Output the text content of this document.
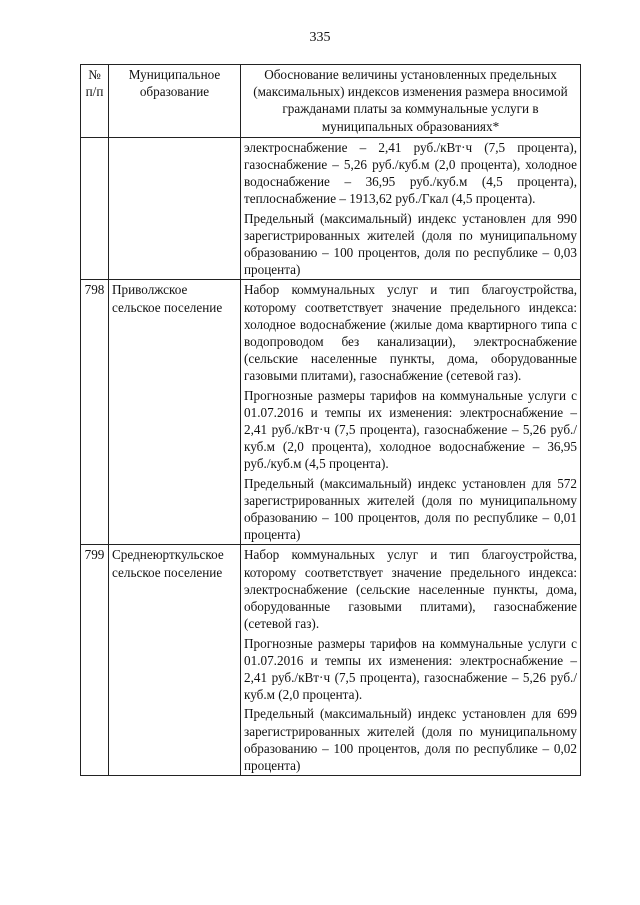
335
№ п/п	Муниципальное образование	Обоснование величины установленных предельных (максимальных) индексов изменения размера вносимой гражданами платы за коммунальные услуги в муниципальных образованиях*

		электроснабжение – 2,41 руб./кВт·ч (7,5 процента), газоснабжение – 5,26 руб./куб.м (2,0 процента), холодное водоснабжение – 36,95 руб./куб.м (4,5 процента), теплоснабжение – 1913,62 руб./Гкал (4,5 процента).

Предельный (максимальный) индекс установлен для 990 зарегистрированных жителей (доля по муниципальному образованию – 100 процентов, доля по республике – 0,03 процента)

798	Приволжское сельское поселение	Набор коммунальных услуг и тип благоустройства, которому соответствует значение предельного индекса: холодное водоснабжение (жилые дома квартирного типа с водопроводом без канализации), электроснабжение (сельские населенные пункты, дома, оборудованные газовыми плитами), газоснабжение (сетевой газ).

Прогнозные размеры тарифов на коммунальные услуги с 01.07.2016 и темпы их изменения: электроснабжение – 2,41 руб./кВт·ч (7,5 процента), газоснабжение – 5,26 руб./куб.м (2,0 процента), холодное водоснабжение – 36,95 руб./куб.м (4,5 процента).

Предельный (максимальный) индекс установлен для 572 зарегистрированных жителей (доля по муниципальному образованию – 100 процентов, доля по республике – 0,01 процента)

799	Среднеюрткульское сельское поселение	Набор коммунальных услуг и тип благоустройства, которому соответствует значение предельного индекса: электроснабжение (сельские населенные пункты, дома, оборудованные газовыми плитами), газоснабжение (сетевой газ).

Прогнозные размеры тарифов на коммунальные услуги с 01.07.2016 и темпы их изменения: электроснабжение – 2,41 руб./кВт·ч (7,5 процента), газоснабжение – 5,26 руб./куб.м (2,0 процента).

Предельный (максимальный) индекс установлен для 699 зарегистрированных жителей (доля по муниципальному образованию – 100 процентов, доля по республике – 0,02 процента)
